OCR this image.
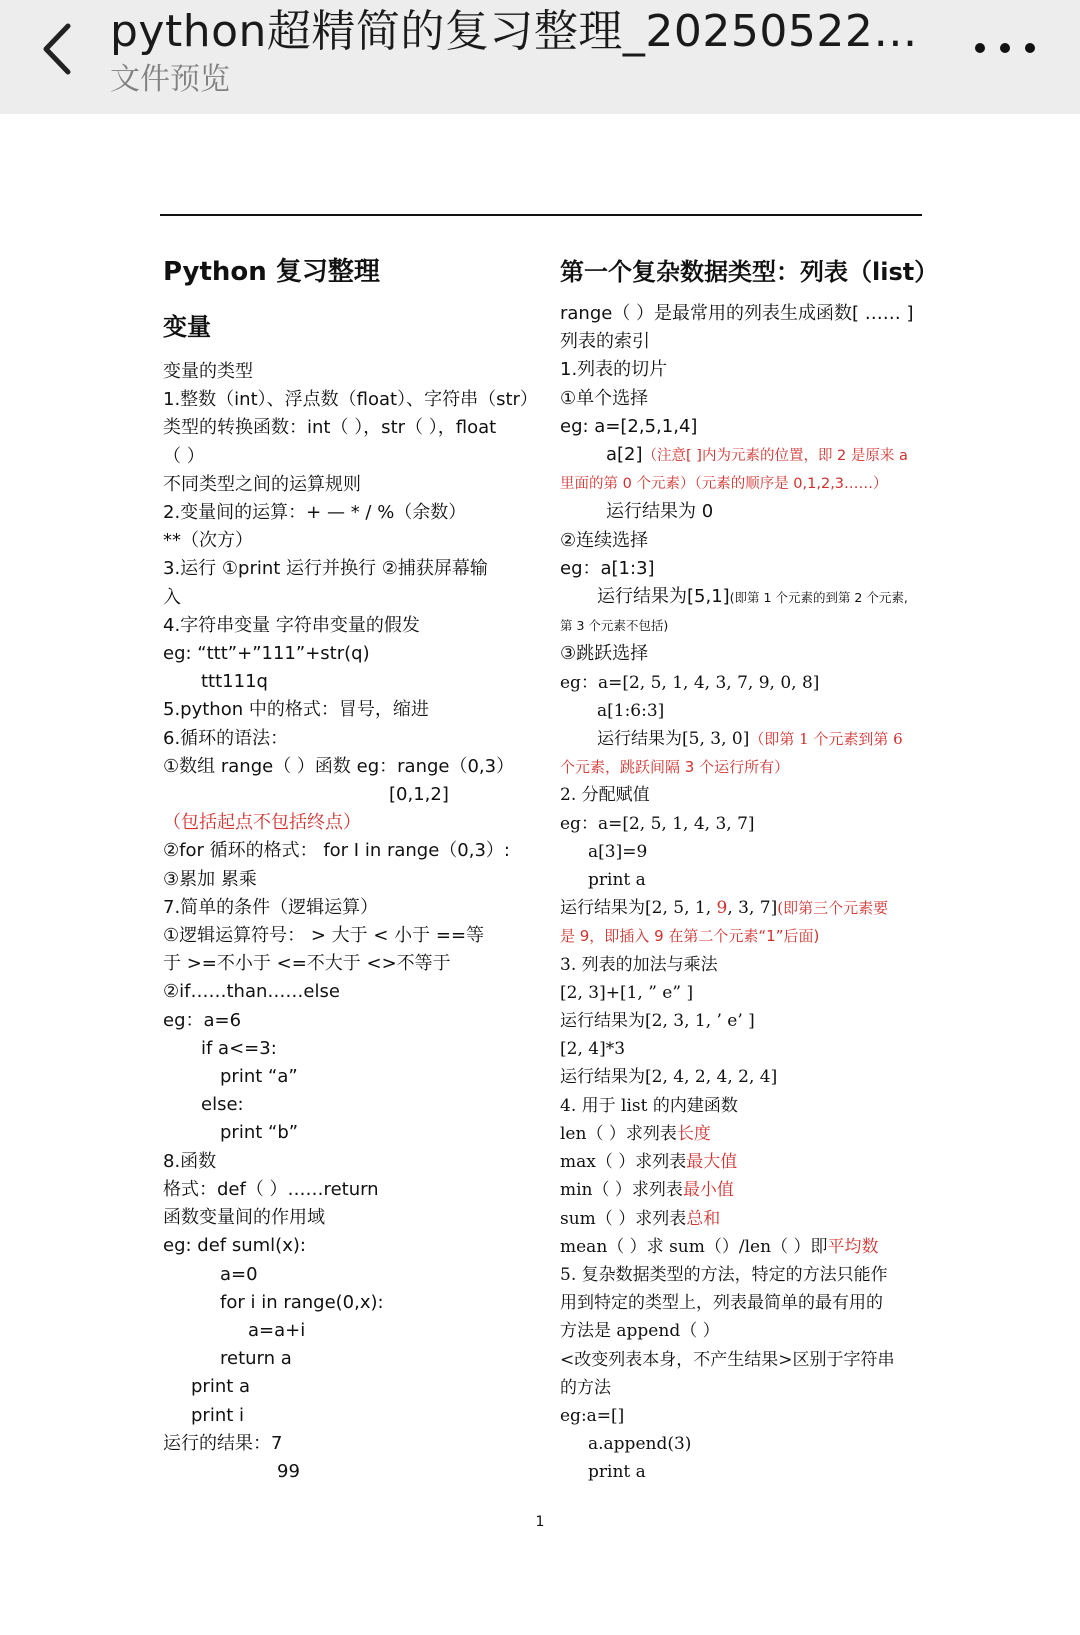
python超精简的复习整理_20250522…
文件预览
Python 复习整理
变量
变量的类型
1.整数（int）、浮点数（float）、字符串（str）
类型的转换函数：int（ ），str（ ），float
（ ）
不同类型之间的运算规则
2.变量间的运算：+ — * / %（余数）
**（次方）
3.运行 ①print 运行并换行 ②捕获屏幕输
入
4.字符串变量 字符串变量的假发
eg: “ttt”+”111”+str(q)
ttt111q
5.python 中的格式：冒号，缩进
6.循环的语法：
①数组 range（ ）函数 eg：range（0,3）
[0,1,2]
（包括起点不包括终点）
②for 循环的格式： for I in range（0,3）:
③累加 累乘
7.简单的条件（逻辑运算）
①逻辑运算符号： > 大于 < 小于 ==等
于 >=不小于 <=不大于 <>不等于
②if……than……else
eg：a=6
if a<=3:
print “a”
else:
print “b”
8.函数
格式：def（ ）……return
函数变量间的作用域
eg: def suml(x):
a=0
for i in range(0,x):
a=a+i
return a
print a
print i
运行的结果：7
99
第一个复杂数据类型：列表（list）
range（ ）是最常用的列表生成函数[ …… ]
列表的索引
1.列表的切片
①单个选择
eg: a=[2,5,1,4]
a[2]（注意[ ]内为元素的位置，即 2 是原来 a
里面的第 0 个元素）（元素的顺序是 0,1,2,3……）
运行结果为 0
②连续选择
eg：a[1:3]
运行结果为[5,1](即第 1 个元素的到第 2 个元素,
第 3 个元素不包括)
③跳跃选择
eg：a=[2, 5, 1, 4, 3, 7, 9, 0, 8]
a[1:6:3]
运行结果为[5, 3, 0]（即第 1 个元素到第 6
个元素，跳跃间隔 3 个运行所有）
2. 分配赋值
eg：a=[2, 5, 1, 4, 3, 7]
a[3]=9
print a
运行结果为[2, 5, 1, 9, 3, 7](即第三个元素要
是 9，即插入 9 在第二个元素“1”后面)
3. 列表的加法与乘法
[2, 3]+[1, ” e” ]
运行结果为[2, 3, 1, ’ e’ ]
[2, 4]*3
运行结果为[2, 4, 2, 4, 2, 4]
4. 用于 list 的内建函数
len（ ）求列表长度
max（ ）求列表最大值
min（ ）求列表最小值
sum（ ）求列表总和
mean（ ）求 sum（）/len（ ）即平均数
5. 复杂数据类型的方法，特定的方法只能作
用到特定的类型上，列表最简单的最有用的
方法是 append（ ）
<改变列表本身，不产生结果>区别于字符串
的方法
eg:a=[]
a.append(3)
print a
1
